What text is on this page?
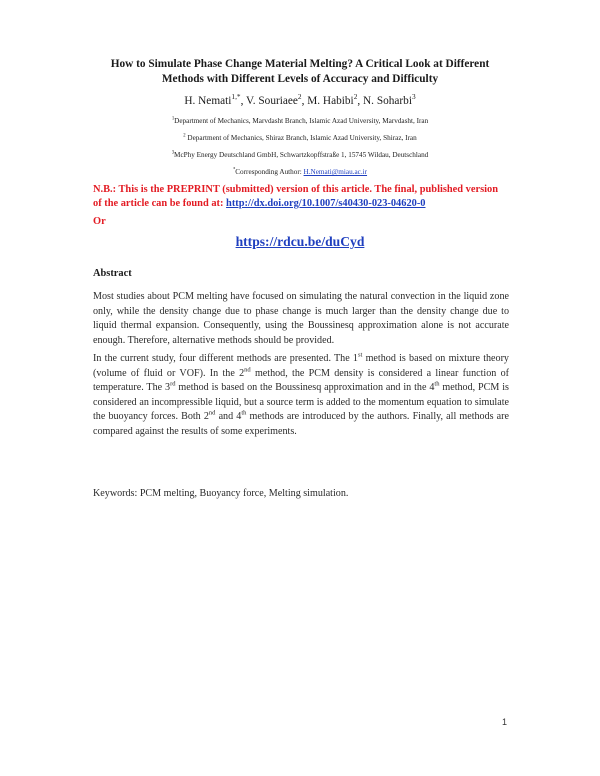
How to Simulate Phase Change Material Melting? A Critical Look at Different
Methods with Different Levels of Accuracy and Difficulty
H. Nemati$^{1,*}$, V. Souriaee$^2$, M. Habibi$^2$, N. Soharbi$^3$
$^1$Department of Mechanics, Marvdasht Branch, Islamic Azad University, Marvdasht, Iran
$^2$ Department of Mechanics, Shiraz Branch, Islamic Azad University, Shiraz, Iran
$^3$McPhy Energy Deutschland GmbH, Schwartzkopffstraße 1, 15745 Wildau, Deutschland
*Corresponding Author: H.Nemati@miau.ac.ir
N.B.: This is the PREPRINT (submitted) version of this article. The final, published version
of the article can be found at: http://dx.doi.org/10.1007/s40430-023-04620-0
Or
https://rdcu.be/duCyd
Abstract
Most studies about PCM melting have focused on simulating the natural convection in the liquid zone only, while the density change due to phase change is much larger than the density change due to liquid thermal expansion. Consequently, using the Boussinesq approximation alone is not accurate enough. Therefore, alternative methods should be provided.
In the current study, four different methods are presented. The 1st method is based on mixture theory (volume of fluid or VOF). In the 2nd method, the PCM density is considered a linear function of temperature. The 3rd method is based on the Boussinesq approximation and in the 4th method, PCM is considered an incompressible liquid, but a source term is added to the momentum equation to simulate the buoyancy forces. Both 2nd and 4th methods are introduced by the authors. Finally, all methods are compared against the results of some experiments.
Keywords: PCM melting, Buoyancy force, Melting simulation.
1
